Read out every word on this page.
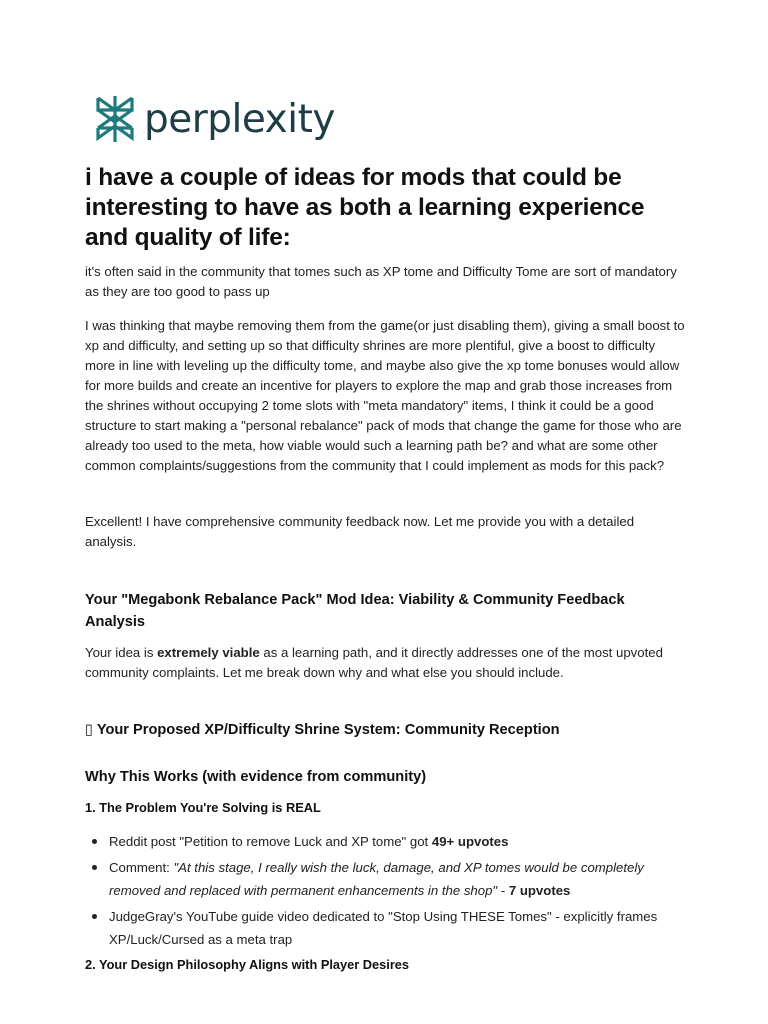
perplexity
i have a couple of ideas for mods that could be interesting to have as both a learning experience and quality of life:

it's often said in the community that tomes such as XP tome and Difficulty Tome are sort of mandatory as they are too good to pass up

I was thinking that maybe removing them from the game(or just disabling them), giving a small boost to xp and difficulty, and setting up so that difficulty shrines are more plentiful, give a boost to difficulty more in line with leveling up the difficulty tome, and maybe also give the xp tome bonuses would allow for more builds and create an incentive for players to explore the map and grab those increases from the shrines without occupying 2 tome slots with "meta mandatory" items, I think it could be a good structure to start making a "personal rebalance" pack of mods that change the game for those who are already too used to the meta, how viable would such a learning path be? and what are some other common complaints/suggestions from the community that I could implement as mods for this pack?

Excellent! I have comprehensive community feedback now. Let me provide you with a detailed analysis.

Your "Megabonk Rebalance Pack" Mod Idea: Viability & Community Feedback Analysis
Your idea is extremely viable as a learning path, and it directly addresses one of the most upvoted community complaints. Let me break down why and what else you should include.
▯ Your Proposed XP/Difficulty Shrine System: Community Reception
Why This Works (with evidence from community)
1. The Problem You're Solving is REAL
Reddit post "Petition to remove Luck and XP tome" got 49+ upvotes
Comment: "At this stage, I really wish the luck, damage, and XP tomes would be completely removed and replaced with permanent enhancements in the shop" - 7 upvotes
JudgeGray's YouTube guide video dedicated to "Stop Using THESE Tomes" - explicitly frames XP/Luck/Cursed as a meta trap
2. Your Design Philosophy Aligns with Player Desires
